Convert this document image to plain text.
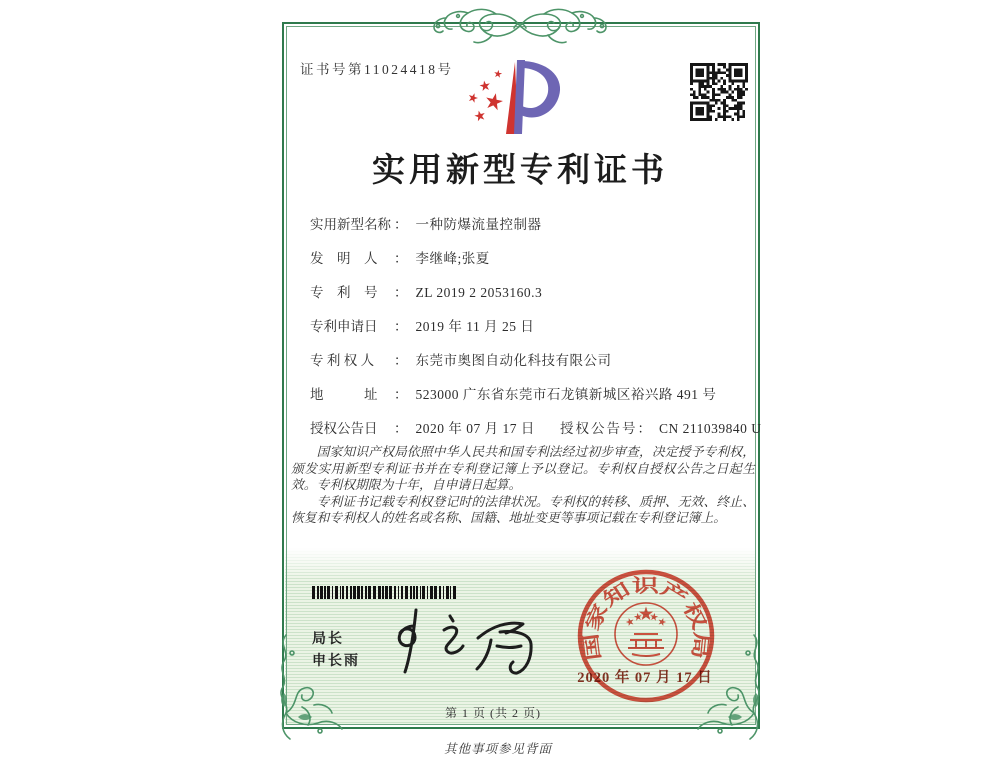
证书号第11024418号
实用新型专利证书
实用新型名称 ： 一种防爆流量控制器
发　明　人	： 李继峰;张夏
专　利　号	： ZL 2019 2 2053160.3
专利申请日	： 2019 年 11 月 25 日
专 利 权 人	： 东莞市奥图自动化科技有限公司
地　　　址	： 523000 广东省东莞市石龙镇新城区裕兴路 491 号
授权公告日	： 2020 年 07 月 17 日 授权公告号 ： CN 211039840 U

国家知识产权局依照中华人民共和国专利法经过初步审查，决定授予专利权，颁发实用新型专利证书并在专利登记簿上予以登记。专利权自授权公告之日起生效。专利权期限为十年，自申请日起算。

专利证书记载专利权登记时的法律状况。专利权的转移、质押、无效、终止、恢复和专利权人的姓名或名称、国籍、地址变更等事项记载在专利登记簿上。

局长
申长雨	国家知识产权局
2020 年 07 月 17 日
第 1 页 (共 2 页)
其他事项参见背面
